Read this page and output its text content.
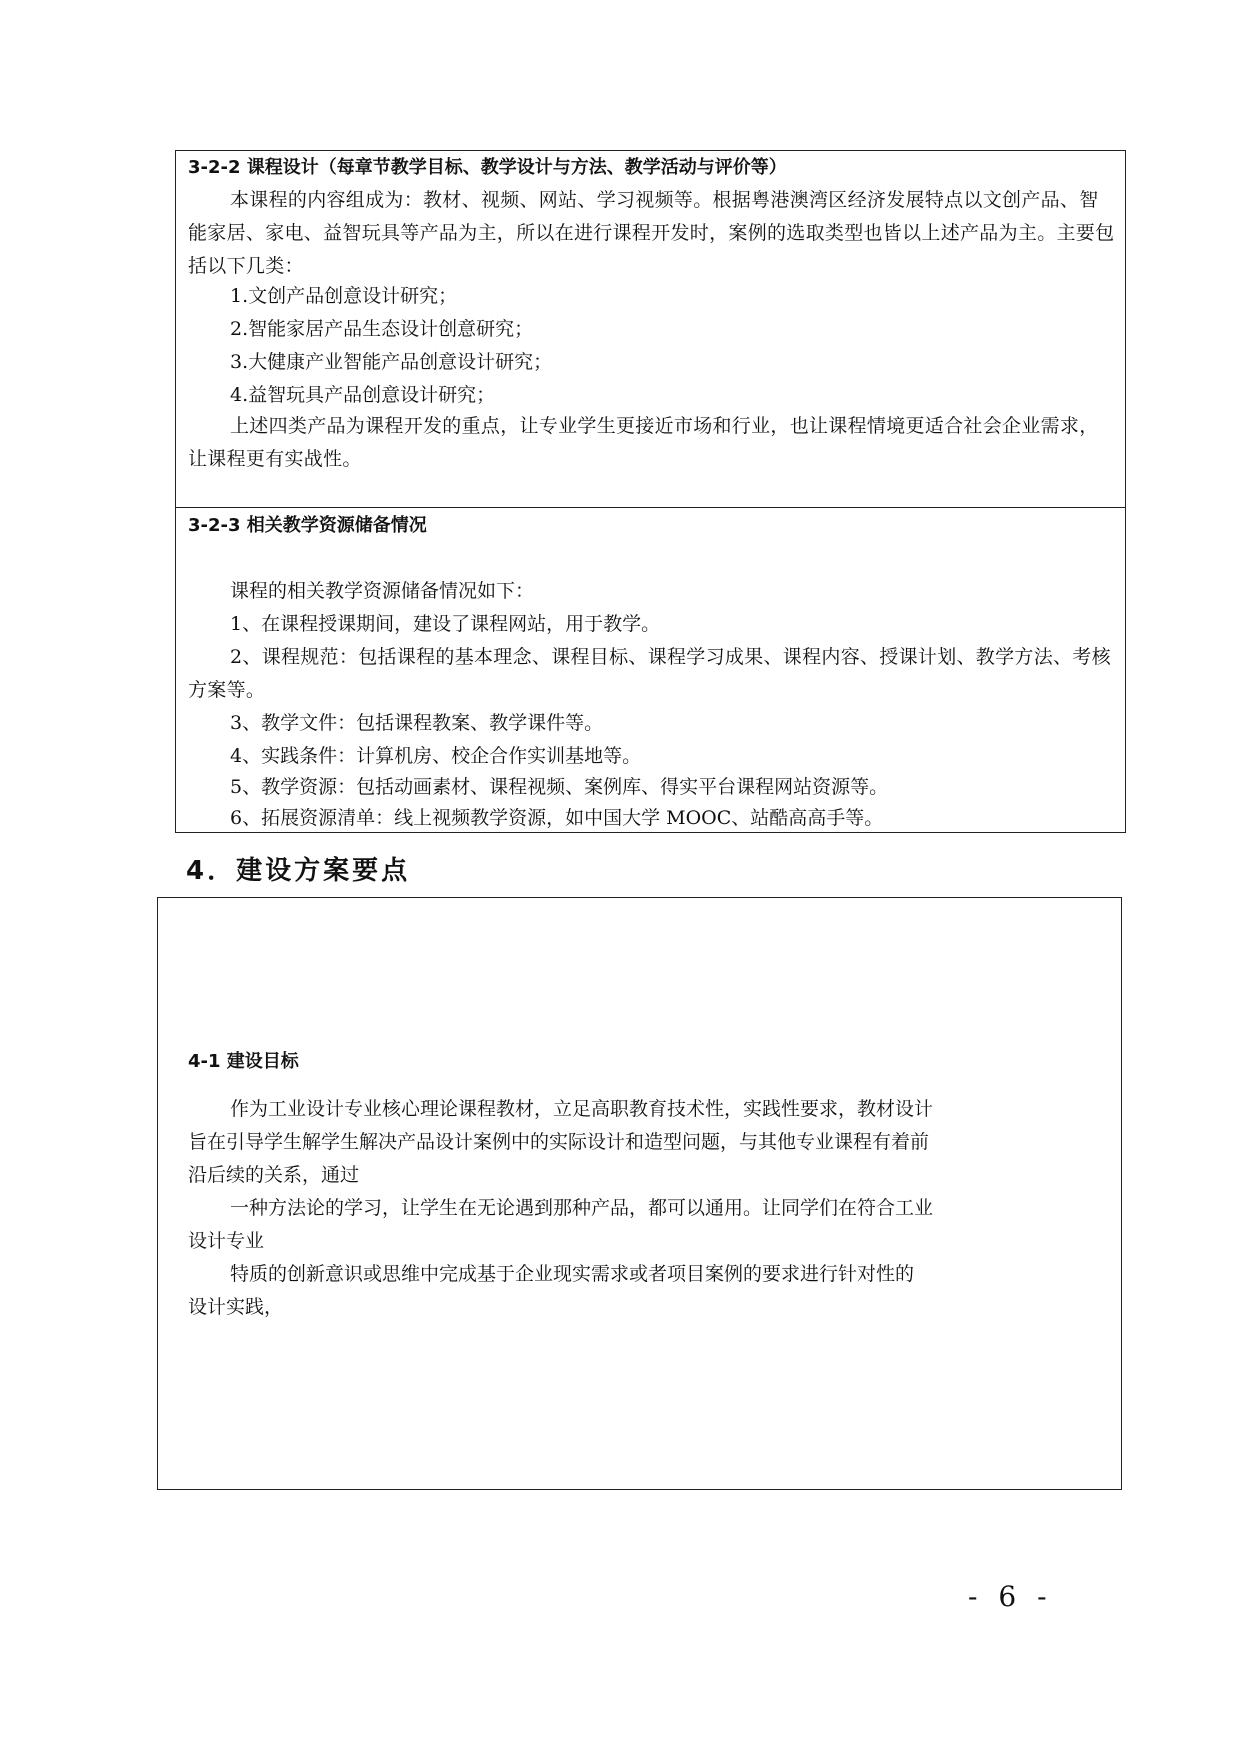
3-2-2 课程设计（每章节教学目标、教学设计与方法、教学活动与评价等）
本课程的内容组成为：教材、视频、网站、学习视频等。根据粤港澳湾区经济发展特点以文创产品、智能家居、家电、益智玩具等产品为主，所以在进行课程开发时，案例的选取类型也皆以上述产品为主。主要包括以下几类：
1.文创产品创意设计研究；
2.智能家居产品生态设计创意研究；
3.大健康产业智能产品创意设计研究；
4.益智玩具产品创意设计研究；
上述四类产品为课程开发的重点，让专业学生更接近市场和行业，也让课程情境更适合社会企业需求，让课程更有实战性。
3-2-3 相关教学资源储备情况
课程的相关教学资源储备情况如下：
1、在课程授课期间，建设了课程网站，用于教学。
2、课程规范：包括课程的基本理念、课程目标、课程学习成果、课程内容、授课计划、教学方法、考核方案等。
3、教学文件：包括课程教案、教学课件等。
4、实践条件：计算机房、校企合作实训基地等。
5、教学资源：包括动画素材、课程视频、案例库、得实平台课程网站资源等。
6、拓展资源清单：线上视频教学资源，如中国大学 MOOC、站酷高高手等。
4．建设方案要点
4-1 建设目标
作为工业设计专业核心理论课程教材，立足高职教育技术性，实践性要求，教材设计
旨在引导学生解学生解决产品设计案例中的实际设计和造型问题，与其他专业课程有着前
沿后续的关系，通过
一种方法论的学习，让学生在无论遇到那种产品，都可以通用。让同学们在符合工业
设计专业
特质的创新意识或思维中完成基于企业现实需求或者项目案例的要求进行针对性的
设计实践，
- 6 -
